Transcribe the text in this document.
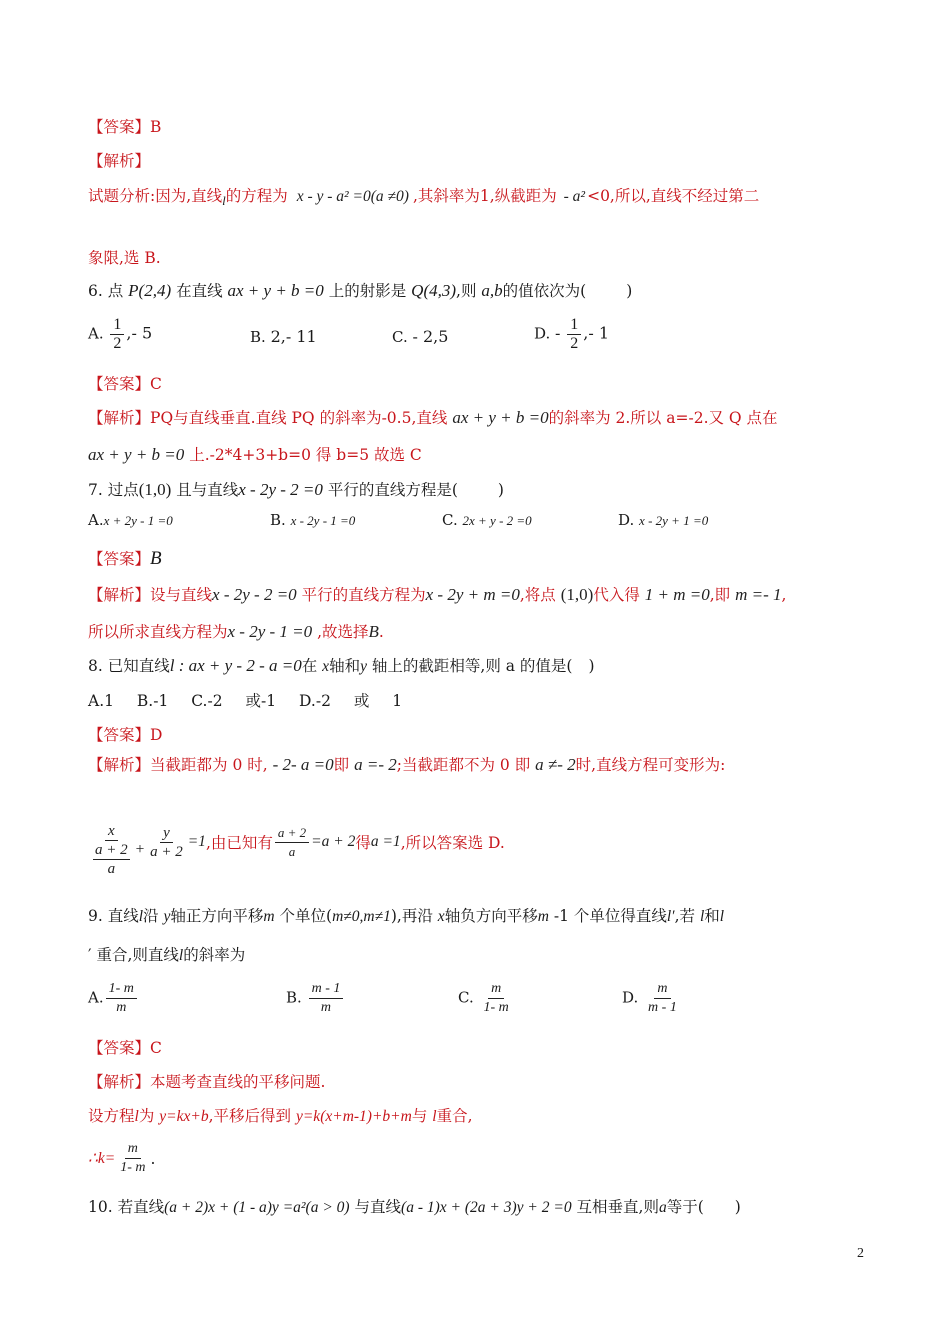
【答案】B
【解析】
试题分析:因为,直线$_l$的方程为 x - y - a² =0(a ≠0) ,其斜率为1,纵截距为 - a² <0,所以,直线不经过第二
象限,选 B.
6. 点 P(2,4) 在直线 ax + y + b =0 上的射影是 Q(4,3),则 a,b的值依次为(	)
A. $\frac{1}{2}$ ,- 5	B. 2,- 11	C. - 2,5	D. - $\frac{1}{2}$ ,- 1
【答案】C
【解析】PQ与直线垂直.直线 PQ 的斜率为-0.5,直线 ax + y + b =0的斜率为 2.所以 a=-2.又 Q 点在
ax + y + b =0 上.-2*4+3+b=0 得 b=5 故选 C
7. 过点(1,0) 且与直线x - 2y - 2 =0 平行的直线方程是(	)
A.x + 2y - 1 =0	B. x - 2y - 1 =0	C. 2x + y - 2 =0	D. x - 2y + 1 =0
【答案】B
【解析】设与直线x - 2y - 2 =0 平行的直线方程为x - 2y + m =0,将点 (1,0)代入得 1 + m =0,即 m =- 1,
所以所求直线方程为x - 2y - 1 =0 ,故选择B.
8. 已知直线l : ax + y - 2 - a =0在 x轴和y 轴上的截距相等,则 a 的值是( )
A.1 B.-1 C.-2 或-1 D.-2 或 1
【答案】D
【解析】当截距都为 0 时, - 2- a =0即 a =- 2;当截距都不为 0 即 a ≠- 2时,直线方程可变形为:
x
a + 2
$a + \frac{y}{a + 2} =1$ ,由已知有 $\frac{a + 2}{a} =a + 2$ 得 a =1 ,所以答案选 D.
9. 直线l沿 y轴正方向平移m 个单位(m≠0,m≠1),再沿 x轴负方向平移m -1 个单位得直线l′,若 l和l
′ 重合,则直线l的斜率为
A. $\frac{1- m}{m}$	B. $\frac{m - 1}{m}$	C. $\frac{m}{1- m}$	D. $\frac{m}{m - 1}$
【答案】C
【解析】本题考查直线的平移问题.
设方程l为 y=kx+b,平移后得到 y=k(x+m-1)+b+m与 l重合,
∴k= $\frac{m}{1- m}$ .
10. 若直线(a + 2)x + (1 - a)y =a²(a > 0) 与直线(a - 1)x + (2a + 3)y + 2 =0 互相垂直,则a等于( )
2
